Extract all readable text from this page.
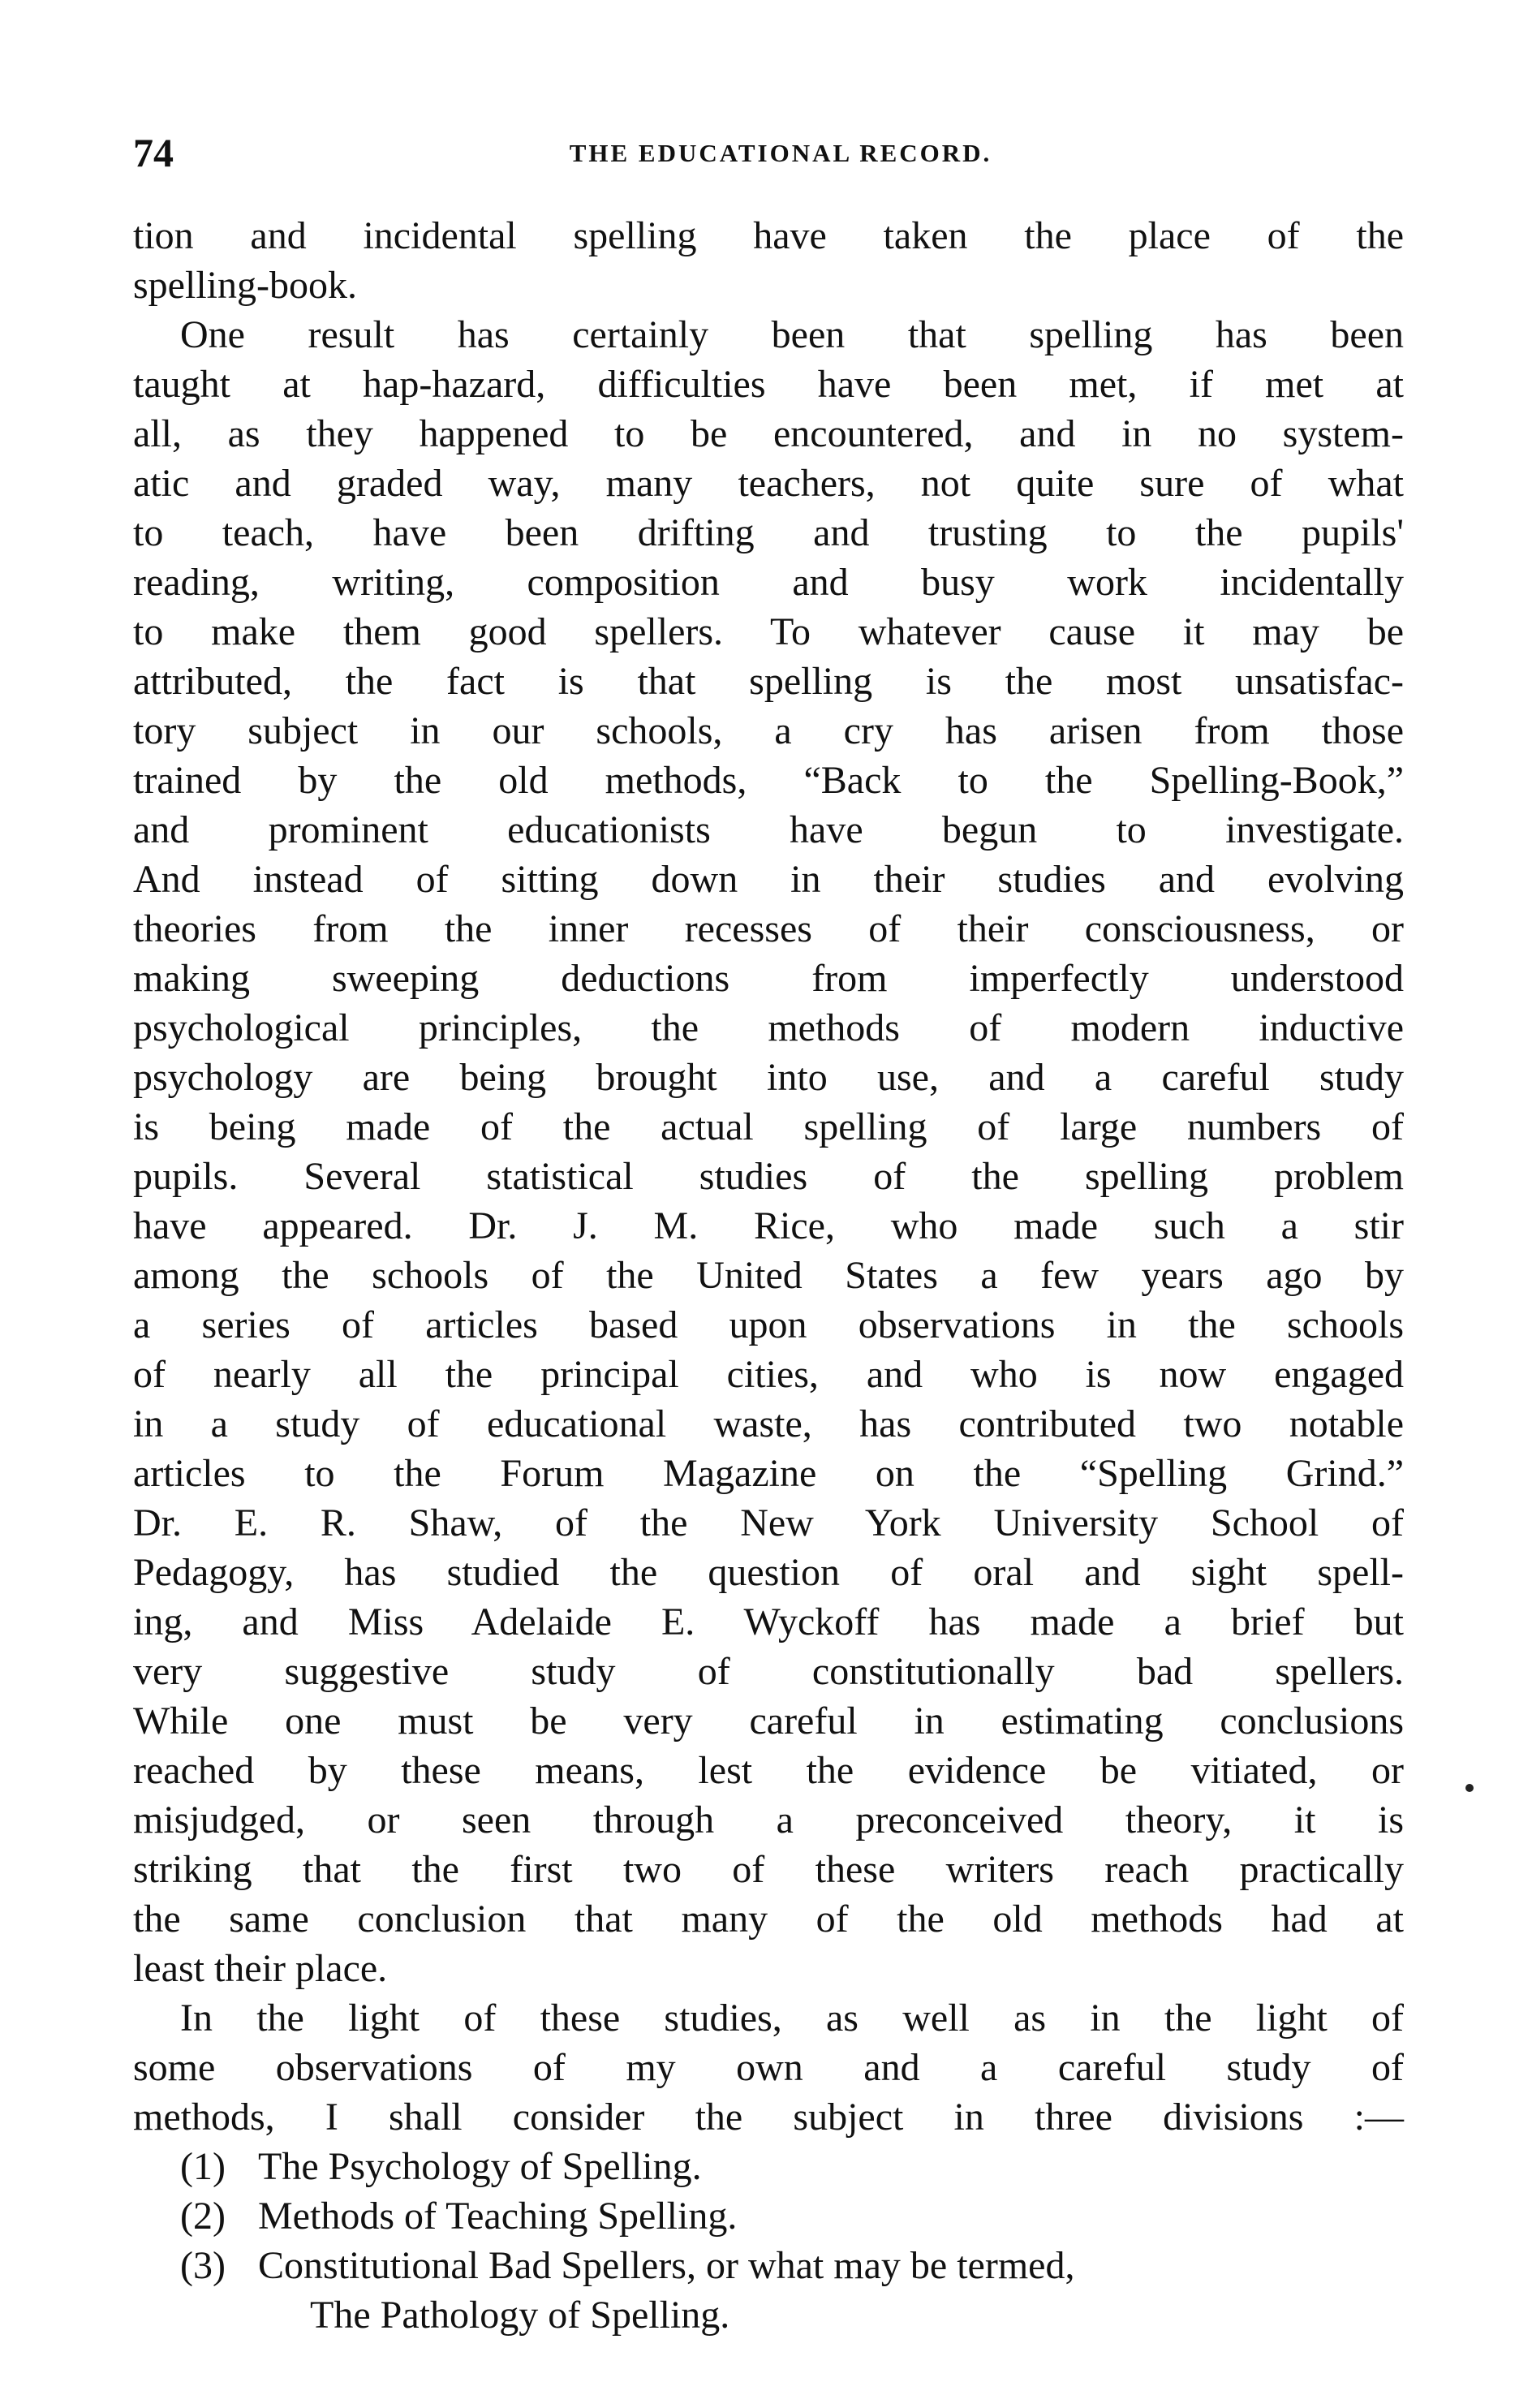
74	THE EDUCATIONAL RECORD.
tion and incidental spelling have taken the place of the
spelling-book.
One result has certainly been that spelling has been
taught at hap-hazard, difficulties have been met, if met at
all, as they happened to be encountered, and in no system-
atic and graded way, many teachers, not quite sure of what
to teach, have been drifting and trusting to the pupils'
reading, writing, composition and busy work incidentally
to make them good spellers. To whatever cause it may be
attributed, the fact is that spelling is the most unsatisfac-
tory subject in our schools, a cry has arisen from those
trained by the old methods, “Back to the Spelling-Book,”
and prominent educationists have begun to investigate.
And instead of sitting down in their studies and evolving
theories from the inner recesses of their consciousness, or
making sweeping deductions from imperfectly understood
psychological principles, the methods of modern inductive
psychology are being brought into use, and a careful study
is being made of the actual spelling of large numbers of
pupils. Several statistical studies of the spelling problem
have appeared. Dr. J. M. Rice, who made such a stir
among the schools of the United States a few years ago by
a series of articles based upon observations in the schools
of nearly all the principal cities, and who is now engaged
in a study of educational waste, has contributed two notable
articles to the Forum Magazine on the “Spelling Grind.”
Dr. E. R. Shaw, of the New York University School of
Pedagogy, has studied the question of oral and sight spell-
ing, and Miss Adelaide E. Wyckoff has made a brief but
very suggestive study of constitutionally bad spellers.
While one must be very careful in estimating conclusions
reached by these means, lest the evidence be vitiated, or
misjudged, or seen through a preconceived theory, it is
striking that the first two of these writers reach practically
the same conclusion that many of the old methods had at
least their place.
In the light of these studies, as well as in the light of
some observations of my own and a careful study of
methods, I shall consider the subject in three divisions :—
(1) The Psychology of Spelling.
(2) Methods of Teaching Spelling.
(3) Constitutional Bad Spellers, or what may be termed,
The Pathology of Spelling.
